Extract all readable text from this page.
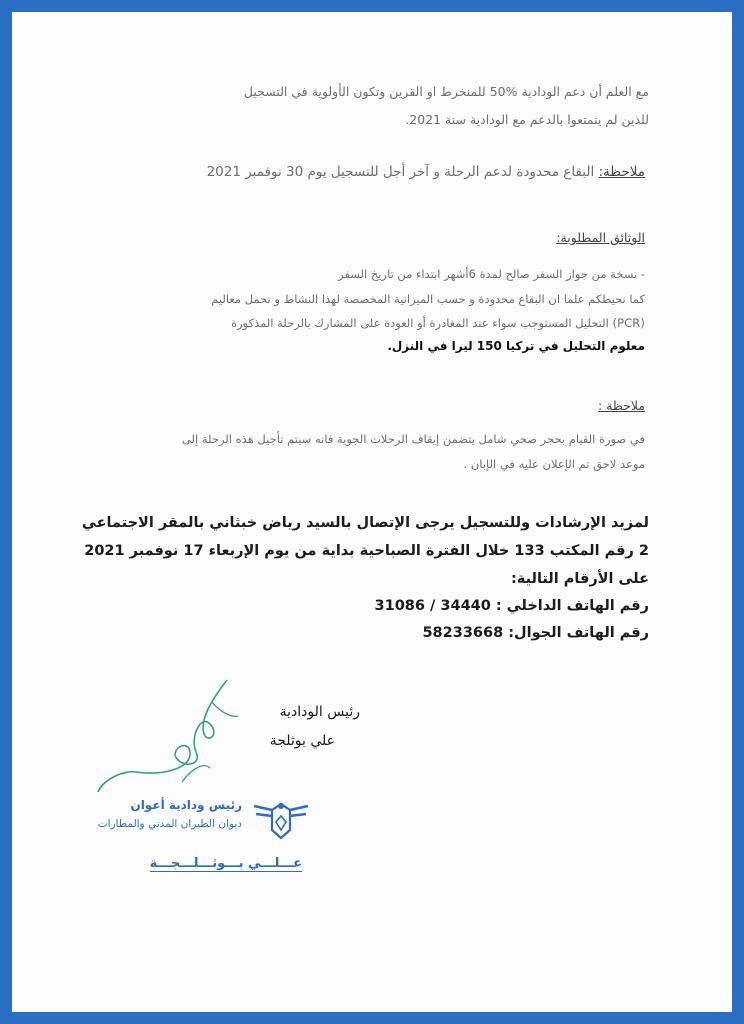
مع العلم أن دعم الودادية %50 للمنخرط او القرين وتكون الأولوية في التسجيل
للذين لم يتمتعوا بالدعم مع الودادية سنة 2021.
ملاحظة: البقاع محدودة لدعم الرحلة و آخر أجل للتسجيل يوم 30 نوفمبر 2021
الوثائق المطلوبة:
- نسخة من جواز السفر صالح لمدة 6أشهر ابتداء من تاريخ السفر
كما نحيطكم علما ان البقاع محدودة و حسب الميزانية المخصصة لهذا النشاط و تحمل معاليم
(PCR) التحليل المستوجب سواء عند المغادرة أو العودة على المشارك بالرحلة المذكورة
معلوم التحليل في تركيا 150 ليرا في النزل.
ملاحظة :
في صورة القيام بحجر صحي شامل يتضمن إيقاف الرحلات الجوية فانه سيتم تأجيل هذه الرحلة إلى
موعد لاحق تم الإعلان عليه في الإبان .
لمزيد الإرشادات وللتسجيل يرجى الإتصال بالسيد رياض خبثاني بالمقر الاجتماعي
2 رقم المكتب 133 خلال الفترة الصباحية بداية من يوم الإربعاء 17 نوفمبر 2021
على الأرقام التالية:
رقم الهاتف الداخلي : 34440 / 31086
رقم الهاتف الجوال: 58233668
رئيس الودادية
علي بوثلجة
رئيس ودادية أعوان
ديوان الطيران المدني والمطارات
عـــلـــي بـــوثـــلـــجـــة
